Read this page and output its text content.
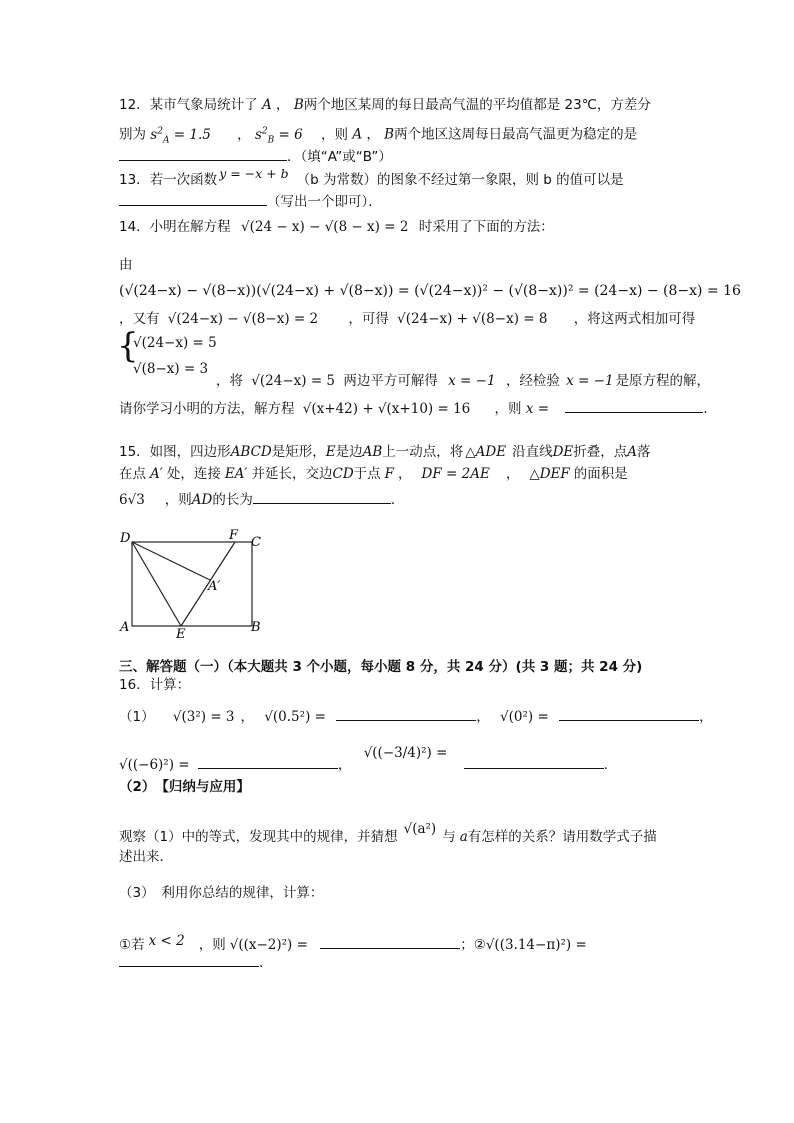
12．某市气象局统计了 A ， B两个地区某周的每日最高气温的平均值都是 23℃，方差分
别为 $s^2_A = 1.5$ ， $s^2_B = 6$ ，则 A ， B两个地区这周每日最高气温更为稳定的是
．（填“A”或“B”）
13．若一次函数 y = −x + b （b 为常数）的图象不经过第一象限，则 b 的值可以是
（写出一个即可）．
14．小明在解方程 √(24 − x) − √(8 − x) = 2 时采用了下面的方法：
由
(√(24−x) − √(8−x))(√(24−x) + √(8−x)) = (√(24−x))² − (√(8−x))² = (24−x) − (8−x) = 16
，又有 √(24−x) − √(8−x) = 2 ，可得 √(24−x) + √(8−x) = 8 ，将这两式相加可得
{
√(24−x) = 5
√(8−x) = 3
，将 √(24−x) = 5 两边平方可解得 x = −1 ，经检验 x = −1 是原方程的解，
请你学习小明的方法，解方程 √(x+42) + √(x+10) = 16 ，则 x =	．
15．如图，四边形ABCD是矩形，E是边AB上一动点，将 △ADE 沿直线DE折叠，点A落
在点 A′ 处，连接 EA′ 并延长，交边CD于点 F ， DF = 2AE ， △DEF 的面积是
6√3 ，则AD的长为	．
D	F C
A′
A	E	B
三、解答题（一）（本大题共 3 个小题，每小题 8 分，共 24 分）(共 3 题；共 24 分)
16．计算：
（1） √(3²) = 3 ， √(0.5²) =	， √(0²) =	，
√((−6)²) =	， √((−3/4)²) = ．
（2）　【归纳与应用】
观察（1）中的等式，发现其中的规律，并猜想 √(a²) 与 a有怎样的关系？请用数学式子描
述出来．
（3）　利用你总结的规律，计算：
①若 x < 2 ，则 √((x−2)²) =	；②√((3.14−π)²) =
．
